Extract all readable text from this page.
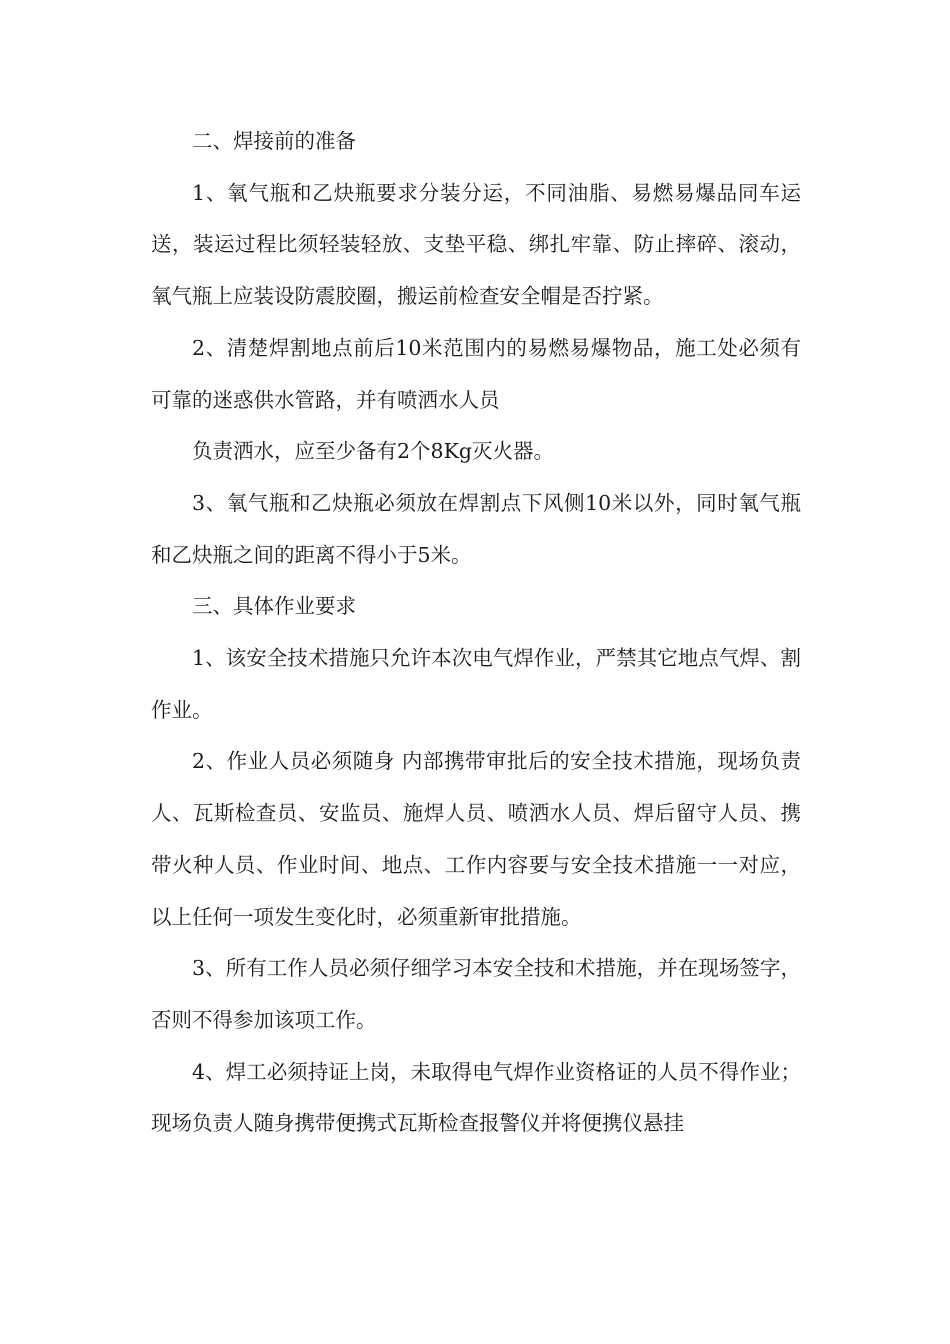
二、焊接前的准备

1、氧气瓶和乙炔瓶要求分装分运，不同油脂、易燃易爆品同车运送，装运过程比须轻装轻放、支垫平稳、绑扎牢靠、防止摔碎、滚动，氧气瓶上应装设防震胶圈，搬运前检查安全帽是否拧紧。

2、清楚焊割地点前后10米范围内的易燃易爆物品，施工处必须有可靠的迷惑供水管路，并有喷洒水人员

负责洒水，应至少备有2个8Kg灭火器。

3、氧气瓶和乙炔瓶必须放在焊割点下风侧10米以外，同时氧气瓶和乙炔瓶之间的距离不得小于5米。

三、具体作业要求

1、该安全技术措施只允许本次电气焊作业，严禁其它地点气焊、割作业。

2、作业人员必须随身 内部携带审批后的安全技术措施，现场负责人、瓦斯检查员、安监员、施焊人员、喷洒水人员、焊后留守人员、携带火种人员、作业时间、地点、工作内容要与安全技术措施一一对应，以上任何一项发生变化时，必须重新审批措施。

3、所有工作人员必须仔细学习本安全技和术措施，并在现场签字，否则不得参加该项工作。

4、焊工必须持证上岗，未取得电气焊作业资格证的人员不得作业；现场负责人随身携带便携式瓦斯检查报警仪并将便携仪悬挂
